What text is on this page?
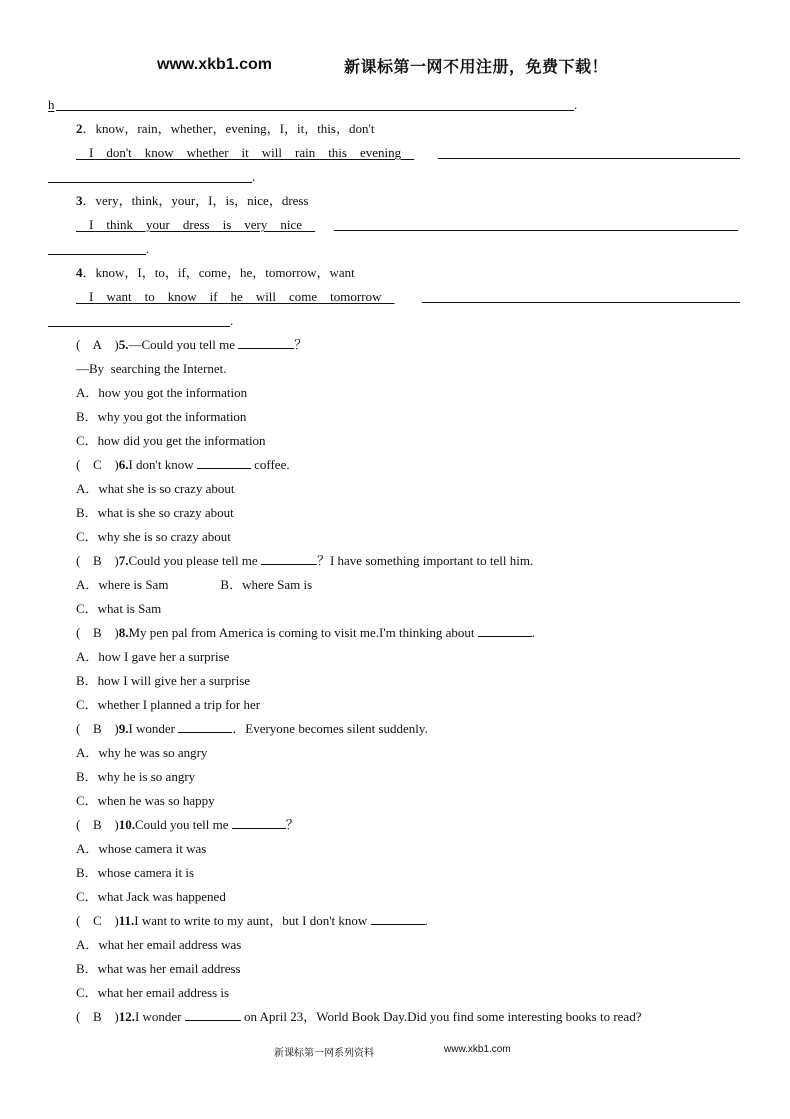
www.xkb1.com	新课标第一网不用注册，免费下载！
h	.
2．know，rain，whether，evening，I，it，this，don't
I    don't    know    whether    it    will    rain    this    evening
.
3．very，think，your，I，is，nice，dress
I    think    your    dress    is    very    nice
.
4．know，I，to，if，come，he，tomorrow，want
I    want    to    know    if    he    will    come    tomorrow
.
( A )5.—Could you tell me	？
—By  searching the Internet.
A．how you got the information
B．why you got the information
C．how did you get the information
( C )6.I don't know	coffee.
A．what she is so crazy about
B．what is she so crazy about
C．why she is so crazy about
( B )7.Could you please tell me	？I have something important to tell him.
A．where is Sam                B．where Sam is
C．what is Sam
( B )8.My pen pal from America is coming to visit me.I'm thinking about	.
A．how I gave her a surprise
B．how I will give her a surprise
C．whether I planned a trip for her
( B )9.I wonder	．Everyone becomes silent suddenly.
A．why he was so angry
B．why he is so angry
C．when he was so happy
( B )10.Could you tell me	？
A．whose camera it was
B．whose camera it is
C．what Jack was happened
( C )11.I want to write to my aunt，but I don't know	.
A．what her email address was
B．what was her email address
C．what her email address is
( B )12.I wonder	on April 23，World Book Day.Did you find some interesting books to read?
新课标第一网系列资料	www.xkb1.com
